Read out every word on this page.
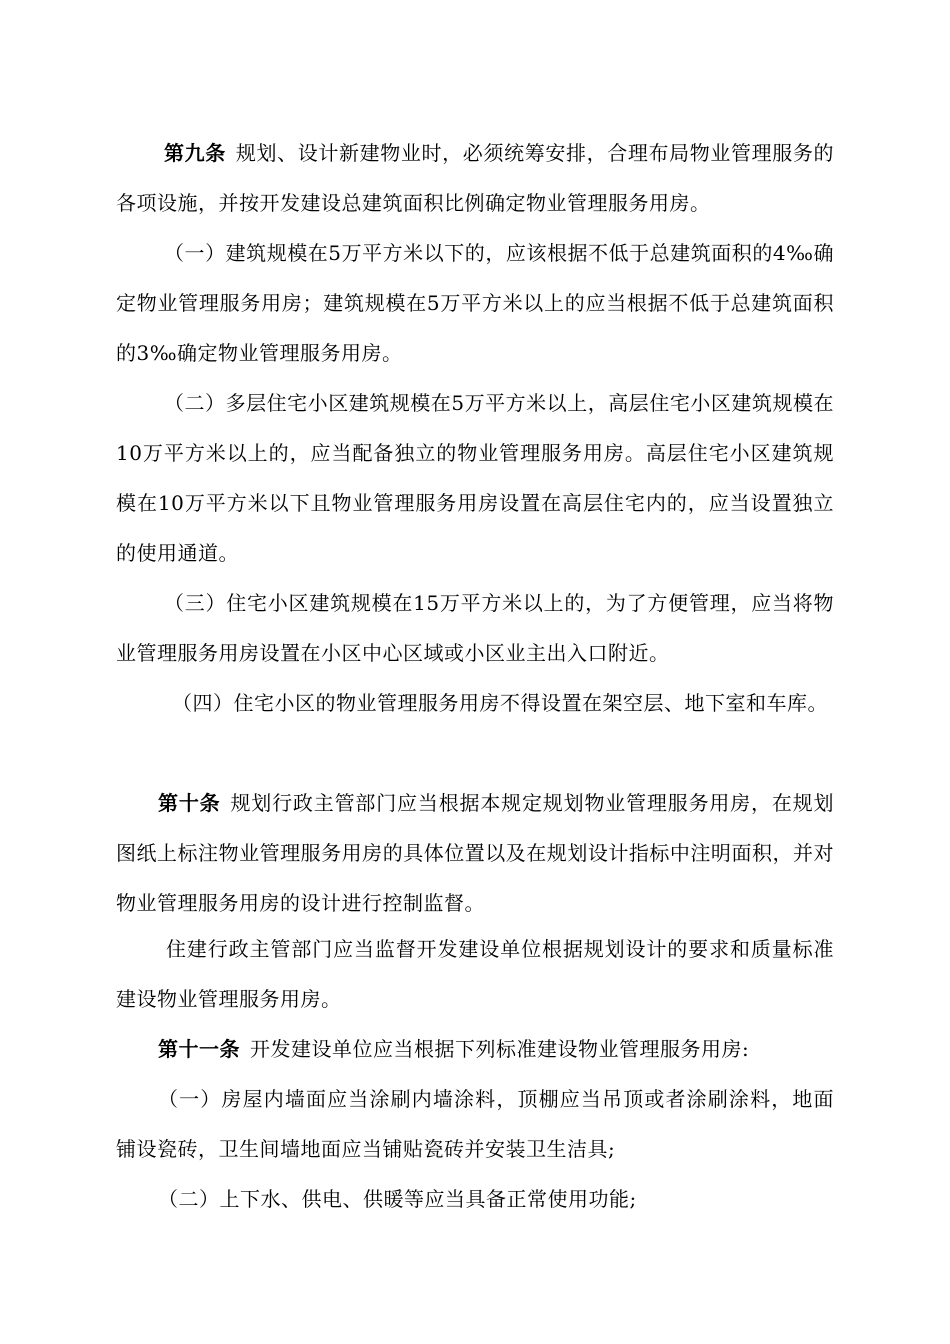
第九条 规划、设计新建物业时，必须统筹安排，合理布局物业管理服务的各项设施，并按开发建设总建筑面积比例确定物业管理服务用房。

（一）建筑规模在5万平方米以下的，应该根据不低于总建筑面积的4‰确定物业管理服务用房；建筑规模在5万平方米以上的应当根据不低于总建筑面积的3‰确定物业管理服务用房。

（二）多层住宅小区建筑规模在5万平方米以上，高层住宅小区建筑规模在10万平方米以上的，应当配备独立的物业管理服务用房。高层住宅小区建筑规模在10万平方米以下且物业管理服务用房设置在高层住宅内的，应当设置独立的使用通道。

（三）住宅小区建筑规模在15万平方米以上的，为了方便管理，应当将物业管理服务用房设置在小区中心区域或小区业主出入口附近。

（四）住宅小区的物业管理服务用房不得设置在架空层、地下室和车库。

第十条 规划行政主管部门应当根据本规定规划物业管理服务用房，在规划图纸上标注物业管理服务用房的具体位置以及在规划设计指标中注明面积，并对物业管理服务用房的设计进行控制监督。

住建行政主管部门应当监督开发建设单位根据规划设计的要求和质量标准建设物业管理服务用房。

第十一条 开发建设单位应当根据下列标准建设物业管理服务用房:

（一）房屋内墙面应当涂刷内墙涂料，顶棚应当吊顶或者涂刷涂料，地面铺设瓷砖，卫生间墙地面应当铺贴瓷砖并安装卫生洁具;

（二）上下水、供电、供暖等应当具备正常使用功能;
